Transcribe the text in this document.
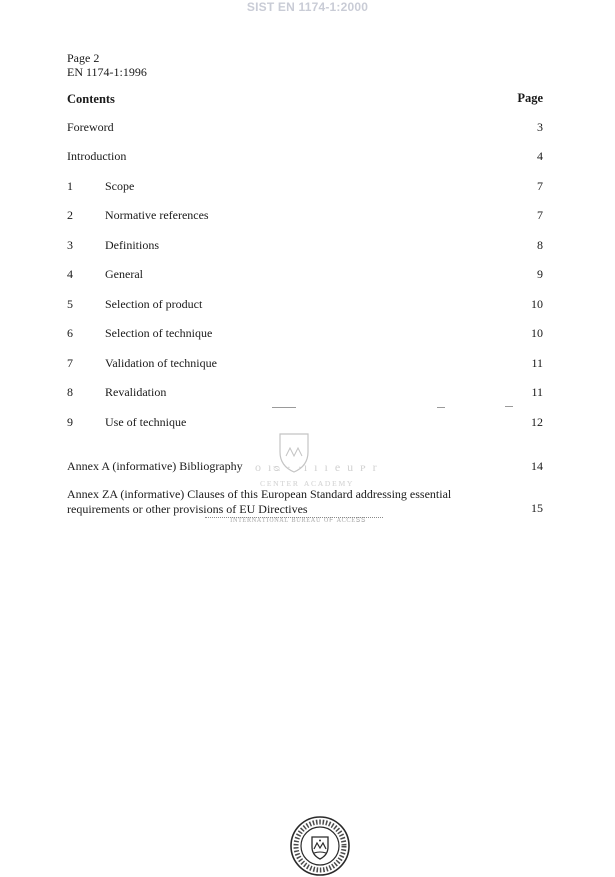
SIST EN 1174-1:2000
Page 2
EN 1174-1:1996
Contents	Page
Foreword	3
Introduction	4
1	Scope	7
2	Normative references	7
3	Definitions	8
4	General	9
5	Selection of product	10
6	Selection of technique	10
7	Validation of technique	11
8	Revalidation	11
9	Use of technique	12
o ıᴓ · ·ı ı ı e u ᴘ r
ᴄᴇɴᴛᴇʀ ᴀᴄᴀᴅᴇᴍʏ
ɪɴᴛᴇʀɴᴀᴛɪᴏɴᴀʟ ʙᴜʀᴇᴀᴜ ᴏꜰ ᴀᴄᴄᴇꜱꜱ
Annex A (informative) Bibliography	14
Annex ZA (informative) Clauses of this European Standard addressing essential
requirements or other provisions of EU Directives	15
